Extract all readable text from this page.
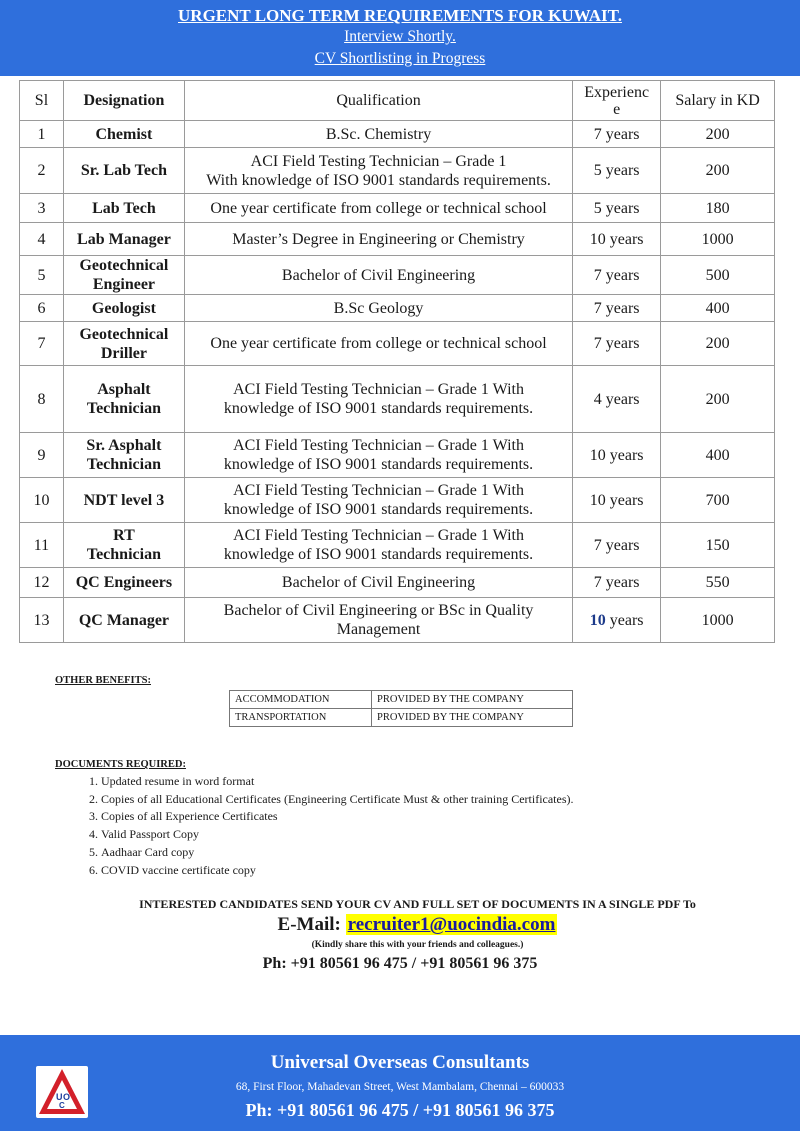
URGENT LONG TERM REQUIREMENTS FOR KUWAIT.
Interview Shortly.
CV Shortlisting in Progress
Sl	Designation	Qualification	Experienc
e	Salary in KD
1	Chemist	B.Sc. Chemistry	7 years	200
2	Sr. Lab Tech	ACI Field Testing Technician – Grade 1
With knowledge of ISO 9001 standards requirements.	5 years	200
3	Lab Tech	One year certificate from college or technical school	5 years	180
4	Lab Manager	Master’s Degree in Engineering or Chemistry	10 years	1000
5	Geotechnical
Engineer	Bachelor of Civil Engineering	7 years	500
6	Geologist	B.Sc Geology	7 years	400
7	Geotechnical
Driller	One year certificate from college or technical school	7 years	200
8	Asphalt
Technician	ACI Field Testing Technician – Grade 1 With
knowledge of ISO 9001 standards requirements.	4 years	200
9	Sr. Asphalt
Technician	ACI Field Testing Technician – Grade 1 With
knowledge of ISO 9001 standards requirements.	10 years	400
10	NDT level 3	ACI Field Testing Technician – Grade 1 With
knowledge of ISO 9001 standards requirements.	10 years	700
11	RT
Technician	ACI Field Testing Technician – Grade 1 With
knowledge of ISO 9001 standards requirements.	7 years	150
12	QC Engineers	Bachelor of Civil Engineering	7 years	550
13	QC Manager	Bachelor of Civil Engineering or BSc in Quality
Management	10 years	1000
OTHER BENEFITS:
ACCOMMODATION	PROVIDED BY THE COMPANY
TRANSPORTATION	PROVIDED BY THE COMPANY
DOCUMENTS REQUIRED:
1. Updated resume in word format
2. Copies of all Educational Certificates (Engineering Certificate Must & other training Certificates).
3. Copies of all Experience Certificates
4. Valid Passport Copy
5. Aadhaar Card copy
6. COVID vaccine certificate copy
INTERESTED CANDIDATES SEND YOUR CV AND FULL SET OF DOCUMENTS IN A SINGLE PDF To
E-Mail: recruiter1@uocindia.com
(Kindly share this with your friends and colleagues.)
Ph: +91 80561 96 475 / +91 80561 96 375
Universal Overseas Consultants
68, First Floor, Mahadevan Street, West Mambalam, Chennai – 600033
Ph: +91 80561 96 475 / +91 80561 96 375
U O
C
